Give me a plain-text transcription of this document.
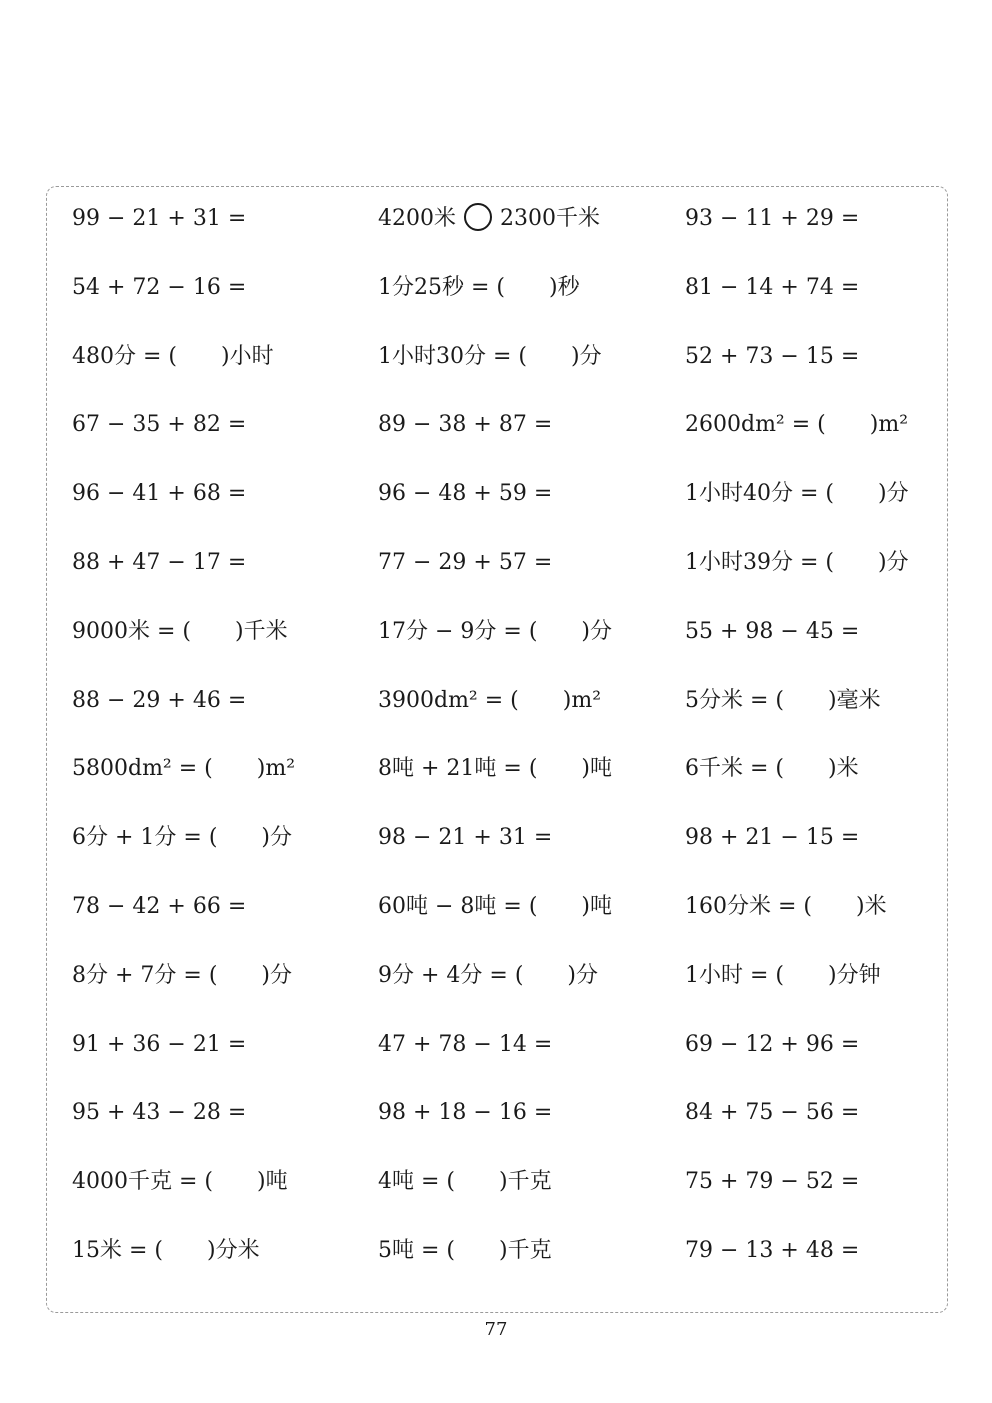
99 − 21 + 31 =	4200米 2300千米	93 − 11 + 29 =
54 + 72 − 16 =	1分25秒 = (　　)秒	81 − 14 + 74 =
480分 = (　　)小时	1小时30分 = (　　)分	52 + 73 − 15 =
67 − 35 + 82 =	89 − 38 + 87 =	2600dm² = (　　)m²
96 − 41 + 68 =	96 − 48 + 59 =	1小时40分 = (　　)分
88 + 47 − 17 =	77 − 29 + 57 =	1小时39分 = (　　)分
9000米 = (　　)千米	17分 − 9分 = (　　)分	55 + 98 − 45 =
88 − 29 + 46 =	3900dm² = (　　)m²	5分米 = (　　)毫米
5800dm² = (　　)m²	8吨 + 21吨 = (　　)吨	6千米 = (　　)米
6分 + 1分 = (　　)分	98 − 21 + 31 =	98 + 21 − 15 =
78 − 42 + 66 =	60吨 − 8吨 = (　　)吨	160分米 = (　　)米
8分 + 7分 = (　　)分	9分 + 4分 = (　　)分	1小时 = (　　)分钟
91 + 36 − 21 =	47 + 78 − 14 =	69 − 12 + 96 =
95 + 43 − 28 =	98 + 18 − 16 =	84 + 75 − 56 =
4000千克 = (　　)吨	4吨 = (　　)千克	75 + 79 − 52 =
15米 = (　　)分米	5吨 = (　　)千克	79 − 13 + 48 =
77
